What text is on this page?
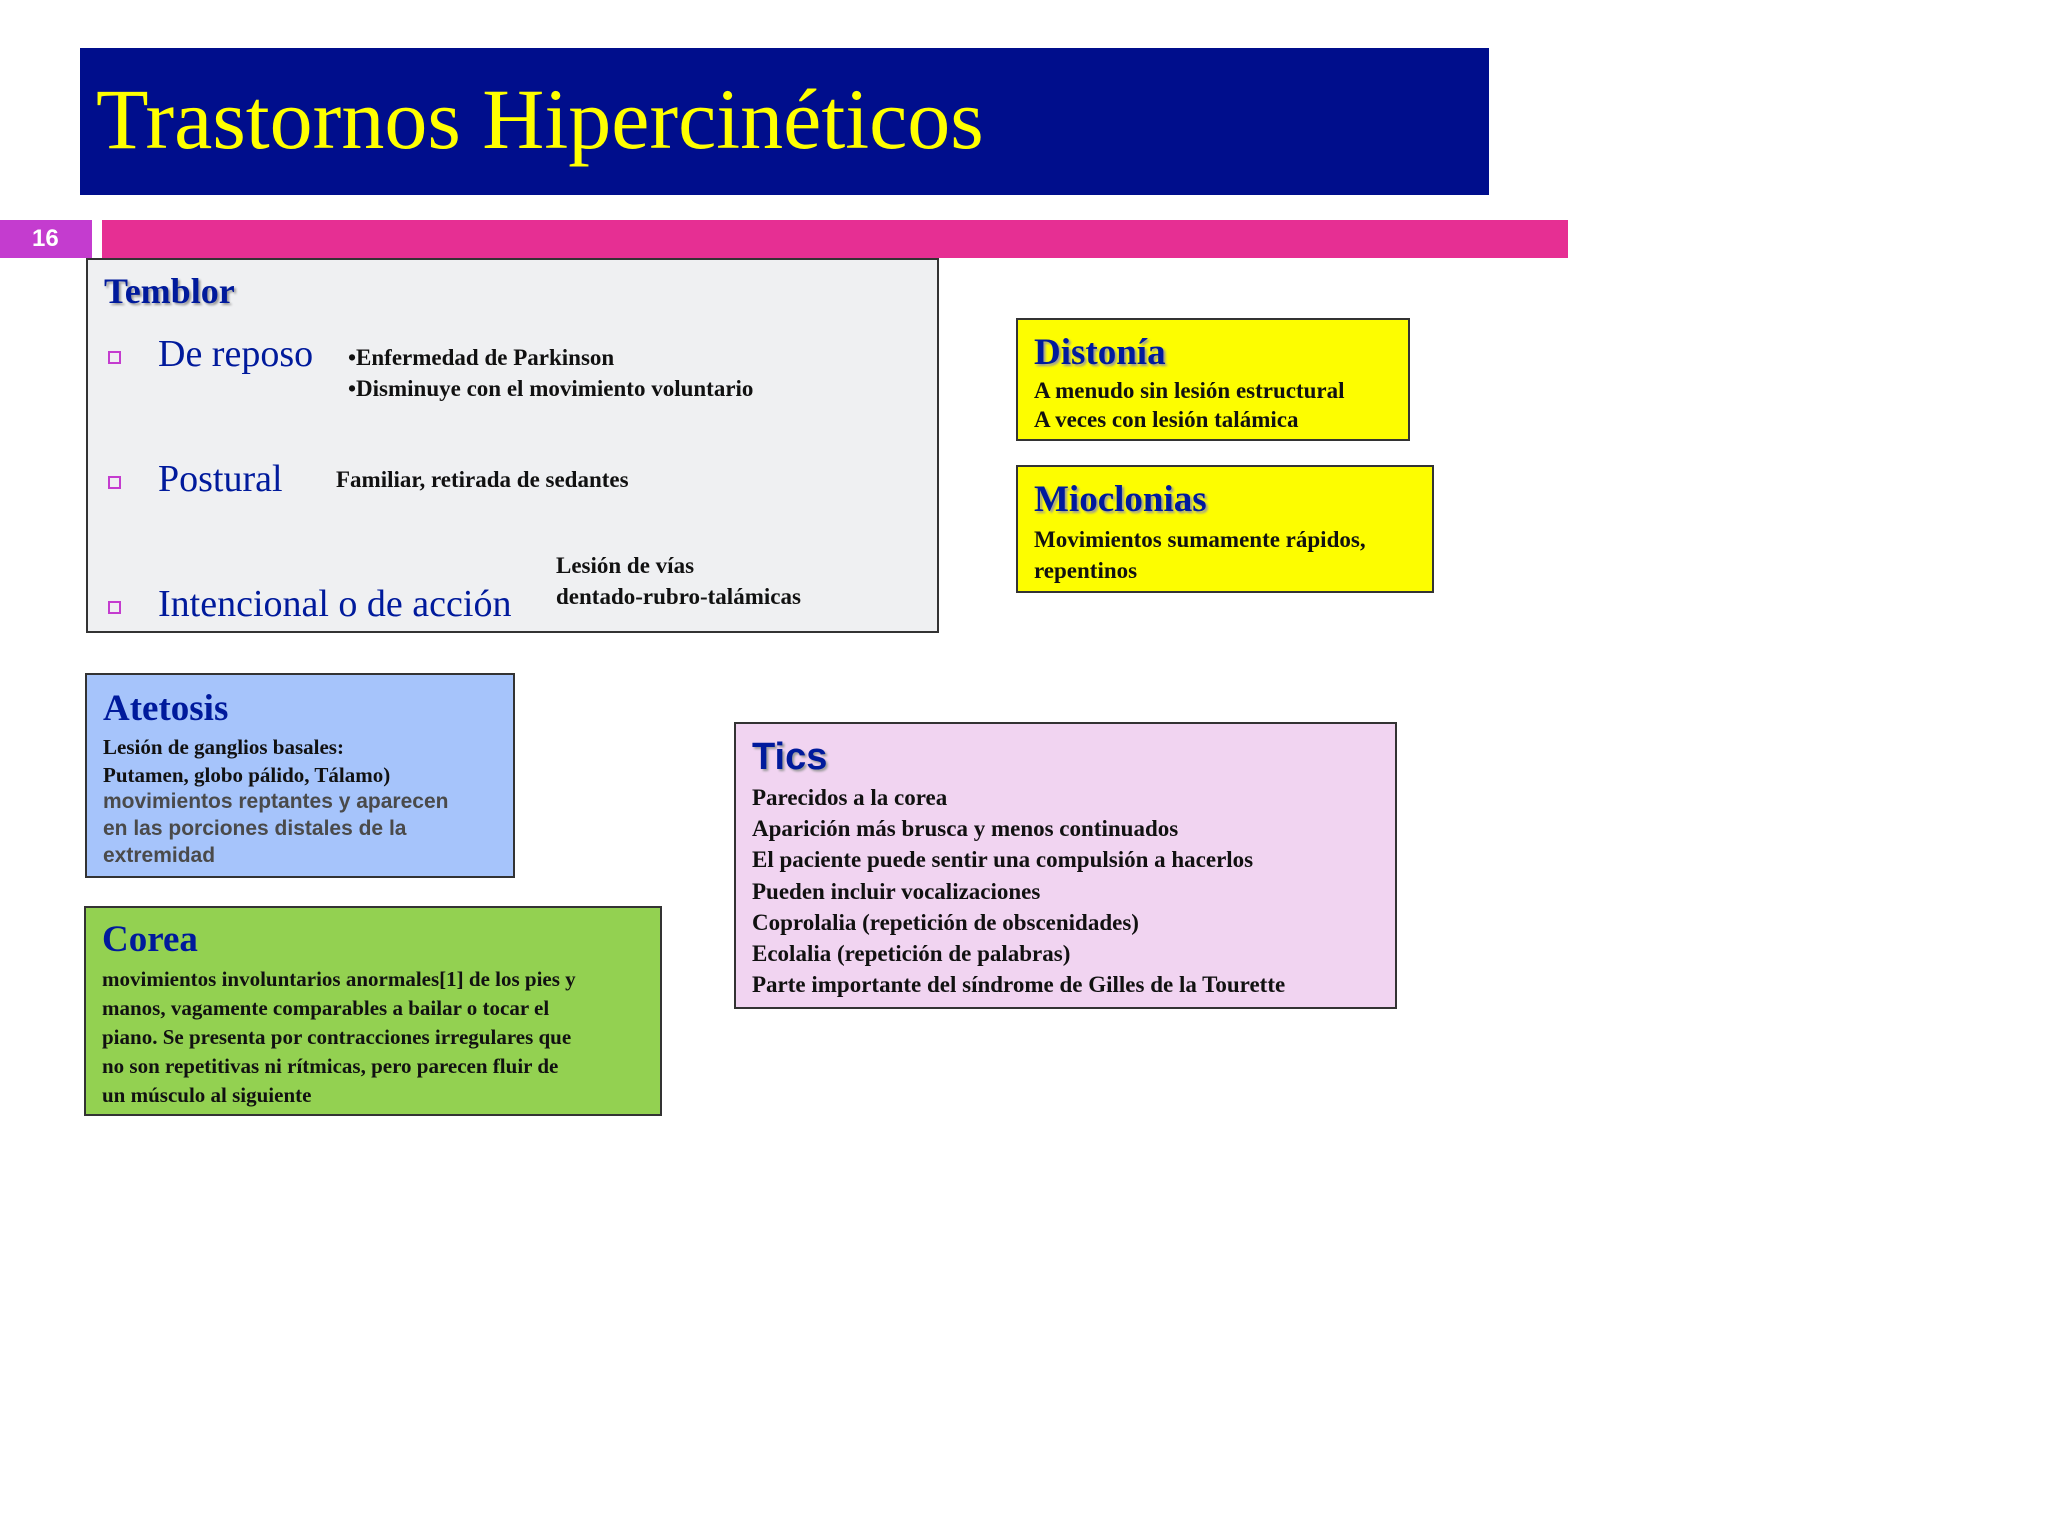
Trastornos Hipercinéticos
16
Temblor
De reposo •Enfermedad de Parkinson
•Disminuye con el movimiento voluntario
Postural Familiar, retirada de sedantes
Intencional o de acción
Lesión de vías
dentado-rubro-talámicas
Distonía
A menudo sin lesión estructural
A veces con lesión talámica
Mioclonias
Movimientos sumamente rápidos,
repentinos
Atetosis
Lesión de ganglios basales:
Putamen, globo pálido, Tálamo)
movimientos reptantes y aparecen
en las porciones distales de la
extremidad
Corea
movimientos involuntarios anormales[1] de los pies y
manos, vagamente comparables a bailar o tocar el
piano. Se presenta por contracciones irregulares que
no son repetitivas ni rítmicas, pero parecen fluir de
un músculo al siguiente
Tics
Parecidos a la corea
Aparición más brusca y menos continuados
El paciente puede sentir una compulsión a hacerlos
Pueden incluir vocalizaciones
Coprolalia (repetición de obscenidades)
Ecolalia (repetición de palabras)
Parte importante del síndrome de Gilles de la Tourette
